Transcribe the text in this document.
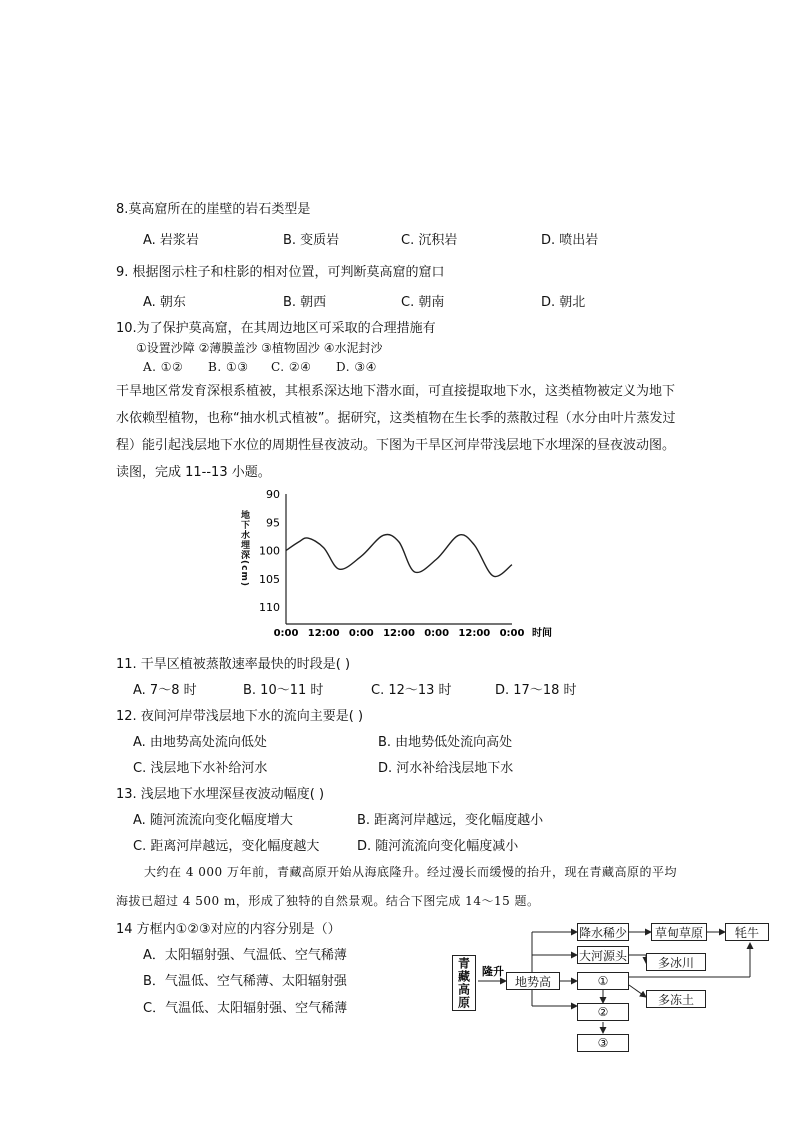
8.莫高窟所在的崖壁的岩石类型是
A. 岩浆岩	B. 变质岩	C. 沉积岩	D. 喷出岩
9. 根据图示柱子和柱影的相对位置，可判断莫高窟的窟口
A. 朝东	B. 朝西	C. 朝南	D. 朝北
10.为了保护莫高窟，在其周边地区可采取的合理措施有
①设置沙障 ②薄膜盖沙 ③植物固沙 ④水泥封沙
A. ①② B. ①③ C. ②④ D. ③④
干旱地区常发育深根系植被，其根系深达地下潜水面，可直接提取地下水，这类植物被定义为地下水依赖型植物，也称“抽水机式植被”。据研究，这类植物在生长季的蒸散过程（水分由叶片蒸发过程）能引起浅层地下水位的周期性昼夜波动。下图为干旱区河岸带浅层地下水埋深的昼夜波动图。读图，完成 11--13 小题。
90
95
100
105
110
0:00 12:00 0:00 12:00 0:00 12:00 0:00 时间
地下水埋深(cm)
11. 干旱区植被蒸散速率最快的时段是( )
A. 7～8 时	B. 10～11 时	C. 12～13 时	D. 17～18 时
12. 夜间河岸带浅层地下水的流向主要是( )
A. 由地势高处流向低处	B. 由地势低处流向高处
C. 浅层地下水补给河水	D. 河水补给浅层地下水
13. 浅层地下水埋深昼夜波动幅度( )
A. 随河流流向变化幅度增大	B. 距离河岸越远，变化幅度越小
C. 距离河岸越远，变化幅度越大	D. 随河流流向变化幅度减小
大约在 4 000 万年前，青藏高原开始从海底隆升。经过漫长而缓慢的抬升，现在青藏高原的平均海拔已超过 4 500 m，形成了独特的自然景观。结合下图完成 14～15 题。
14 方框内①②③对应的内容分别是（）
A．太阳辐射强、气温低、空气稀薄
B．气温低、空气稀薄、太阳辐射强
C．气温低、太阳辐射强、空气稀薄
隆升
青藏高原	地势高
降水稀少	草甸草原	牦牛
大河源头	多冰川
①
多冻土
②
③
